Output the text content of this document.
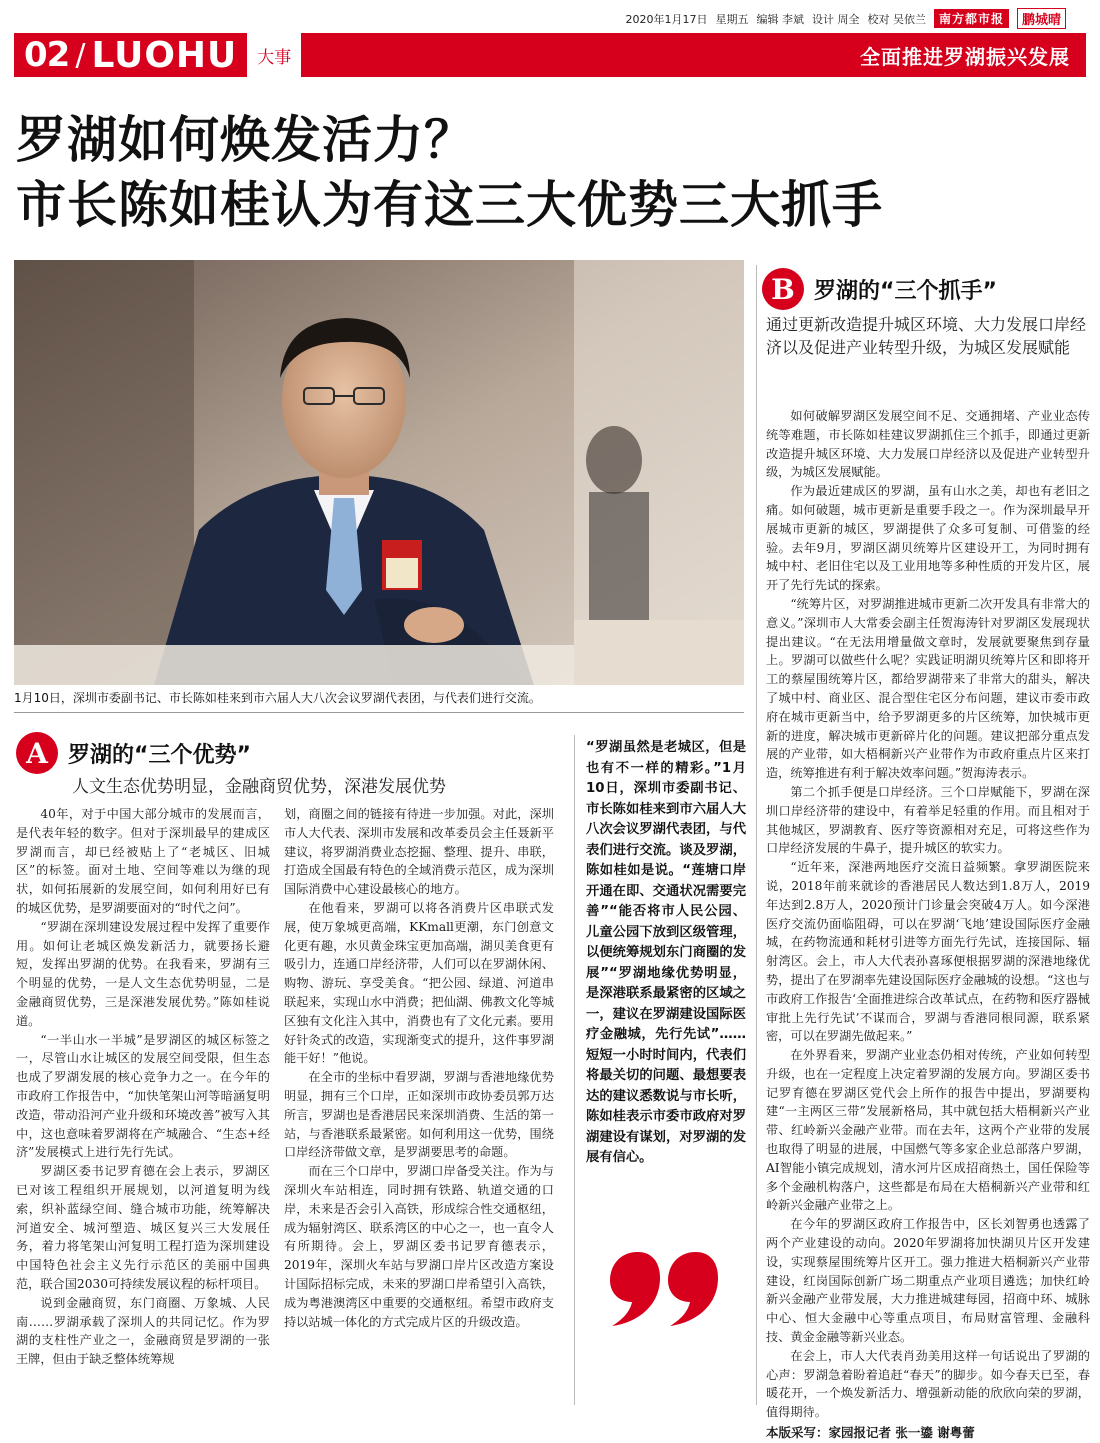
2020年1月17日 星期五 编辑 李斌 设计 周全 校对 吴依兰	南方都市报	鹏城晴
02 / LUOHU	大事	全面推进罗湖振兴发展
罗湖如何焕发活力？
市长陈如桂认为有这三大优势三大抓手
1月10日，深圳市委副书记、市长陈如桂来到市六届人大八次会议罗湖代表团，与代表们进行交流。
B 罗湖的“三个抓手”
通过更新改造提升城区环境、大力发展口岸经济以及促进产业转型升级，为城区发展赋能

如何破解罗湖区发展空间不足、交通拥堵、产业业态传统等难题，市长陈如桂建议罗湖抓住三个抓手，即通过更新改造提升城区环境、大力发展口岸经济以及促进产业转型升级，为城区发展赋能。

作为最近建成区的罗湖，虽有山水之美，却也有老旧之痛。如何破题，城市更新是重要手段之一。作为深圳最早开展城市更新的城区，罗湖提供了众多可复制、可借鉴的经验。去年9月，罗湖区湖贝统筹片区建设开工，为同时拥有城中村、老旧住宅以及工业用地等多种性质的开发片区，展开了先行先试的探索。

“统筹片区，对罗湖推进城市更新二次开发具有非常大的意义。”深圳市人大常委会副主任贺海涛针对罗湖区发展现状提出建议。“在无法用增量做文章时，发展就要聚焦到存量上。罗湖可以做些什么呢？实践证明湖贝统筹片区和即将开工的蔡屋围统筹片区，都给罗湖带来了非常大的甜头，解决了城中村、商业区、混合型住宅区分布问题，建议市委市政府在城市更新当中，给予罗湖更多的片区统筹，加快城市更新的进度，解决城市更新碎片化的问题。建议把部分重点发展的产业带，如大梧桐新兴产业带作为市政府重点片区来打造，统筹推进有利于解决效率问题。”贺海涛表示。

第二个抓手便是口岸经济。三个口岸赋能下，罗湖在深圳口岸经济带的建设中，有着举足轻重的作用。而且相对于其他城区，罗湖教育、医疗等资源相对充足，可将这些作为口岸经济发展的牛鼻子，提升城区的软实力。

“近年来，深港两地医疗交流日益频繁。拿罗湖医院来说，2018年前来就诊的香港居民人数达到1.8万人，2019年达到2.8万人，2020预计门诊量会突破4万人。如今深港医疗交流仍面临阻碍，可以在罗湖‘飞地’建设国际医疗金融城，在药物流通和耗材引进等方面先行先试，连接国际、辐射湾区。会上，市人大代表孙喜琢便根据罗湖的深港地缘优势，提出了在罗湖率先建设国际医疗金融城的设想。“这也与市政府工作报告‘全面推进综合改革试点，在药物和医疗器械审批上先行先试’不谋而合，罗湖与香港同根同源，联系紧密，可以在罗湖先做起来。”

在外界看来，罗湖产业业态仍相对传统，产业如何转型升级，也在一定程度上决定着罗湖的发展方向。罗湖区委书记罗育德在罗湖区党代会上所作的报告中提出，罗湖要构建“一主两区三带”发展新格局，其中就包括大梧桐新兴产业带、红岭新兴金融产业带。而在去年，这两个产业带的发展也取得了明显的进展，中国燃气等多家企业总部落户罗湖，AI智能小镇完成规划，清水河片区成招商热土，国任保险等多个金融机构落户，这些都是布局在大梧桐新兴产业带和红岭新兴金融产业带之上。

在今年的罗湖区政府工作报告中，区长刘智勇也透露了两个产业建设的动向。2020年罗湖将加快湖贝片区开发建设，实现蔡屋围统筹片区开工。强力推进大梧桐新兴产业带建设，红岗国际创新广场二期重点产业项目遴选；加快红岭新兴金融产业带发展，大力推进城建每园，招商中环、城脉中心、恒大金融中心等重点项目，布局财富管理、金融科技、黄金金融等新兴业态。

在会上，市人大代表肖劲美用这样一句话说出了罗湖的心声：罗湖急着盼着追赶“春天”的脚步。如今春天已至，春暖花开，一个焕发新活力、增强新动能的欣欣向荣的罗湖，值得期待。

本版采写：家园报记者 张一鎏 谢粤蕾
A 罗湖的“三个优势”
人文生态优势明显，金融商贸优势，深港发展优势

40年，对于中国大部分城市的发展而言，是代表年轻的数字。但对于深圳最早的建成区罗湖而言，却已经被贴上了“老城区、旧城区”的标签。面对土地、空间等难以为继的现状，如何拓展新的发展空间，如何利用好已有的城区优势，是罗湖要面对的“时代之问”。

“罗湖在深圳建设发展过程中发挥了重要作用。如何让老城区焕发新活力，就要扬长避短，发挥出罗湖的优势。在我看来，罗湖有三个明显的优势，一是人文生态优势明显，二是金融商贸优势，三是深港发展优势。”陈如桂说道。

“一半山水一半城”是罗湖区的城区标签之一，尽管山水让城区的发展空间受限，但生态也成了罗湖发展的核心竞争力之一。在今年的市政府工作报告中，“加快笔架山河等暗涵复明改造，带动沿河产业升级和环境改善”被写入其中，这也意味着罗湖将在产城融合、“生态+经济”发展模式上进行先行先试。

罗湖区委书记罗育德在会上表示，罗湖区已对该工程组织开展规划，以河道复明为线索，织补蓝绿空间、缝合城市功能，统筹解决河道安全、城河塑造、城区复兴三大发展任务，着力将笔架山河复明工程打造为深圳建设中国特色社会主义先行示范区的美丽中国典范，联合国2030可持续发展议程的标杆项目。

说到金融商贸，东门商圈、万象城、人民南……罗湖承载了深圳人的共同记忆。作为罗湖的支柱性产业之一，金融商贸是罗湖的一张王牌，但由于缺乏整体统筹规

划，商圈之间的链接有待进一步加强。对此，深圳市人大代表、深圳市发展和改革委员会主任聂新平建议，将罗湖消费业态挖掘、整理、提升、串联，打造成全国最有特色的全域消费示范区，成为深圳国际消费中心建设最核心的地方。

在他看来，罗湖可以将各消费片区串联式发展，使万象城更高端，KKmall更潮，东门创意文化更有趣，水贝黄金珠宝更加高端，湖贝美食更有吸引力，连通口岸经济带，人们可以在罗湖休闲、购物、游玩、享受美食。“把公园、绿道、河道串联起来，实现山水中消费；把仙湖、佛教文化等城区独有文化注入其中，消费也有了文化元素。要用好针灸式的改造，实现渐变式的提升，这件事罗湖能干好！”他说。

在全市的坐标中看罗湖，罗湖与香港地缘优势明显，拥有三个口岸，正如深圳市政协委员郭万达所言，罗湖也是香港居民来深圳消费、生活的第一站，与香港联系最紧密。如何利用这一优势，围绕口岸经济带做文章，是罗湖要思考的命题。

而在三个口岸中，罗湖口岸备受关注。作为与深圳火车站相连，同时拥有铁路、轨道交通的口岸，未来是否会引入高铁，形成综合性交通枢纽，成为辐射湾区、联系湾区的中心之一，也一直令人有所期待。会上，罗湖区委书记罗育德表示，2019年，深圳火车站与罗湖口岸片区改造方案设计国际招标完成，未来的罗湖口岸希望引入高铁，成为粤港澳湾区中重要的交通枢纽。希望市政府支持以站城一体化的方式完成片区的升级改造。

“罗湖虽然是老城区，但是也有不一样的精彩。”1月10日，深圳市委副书记、市长陈如桂来到市六届人大八次会议罗湖代表团，与代表们进行交流。谈及罗湖，陈如桂如是说。“莲塘口岸开通在即、交通状况需要完善”“能否将市人民公园、儿童公园下放到区级管理，以便统筹规划东门商圈的发展”“罗湖地缘优势明显，是深港联系最紧密的区域之一，建议在罗湖建设国际医疗金融城，先行先试”……短短一小时时间内，代表们将最关切的问题、最想要表达的建议悉数说与市长听，陈如桂表示市委市政府对罗湖建设有谋划，对罗湖的发展有信心。
